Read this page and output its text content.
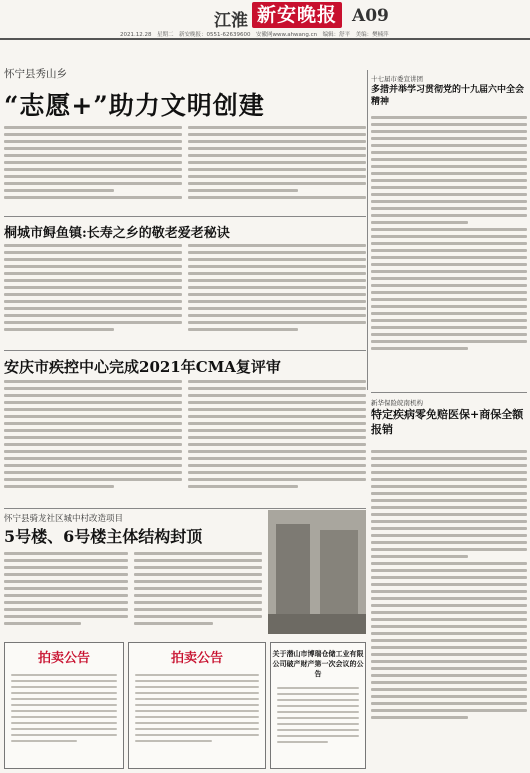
江淮 新安晚报 A09
2021.12.28　星期二　新安晚报：0551-62639600　安徽网www.ahwang.cn　编辑：舒平　美编：樊楠萍
怀宁县秀山乡
“志愿+”助力文明创建
十七届市委宣讲团
多措并举学习贯彻党的十九届六中全会精神
桐城市鲟鱼镇:长寿之乡的敬老爱老秘诀
安庆市疾控中心完成2021年CMA复评审
新华保险皖南机构
特定疾病零免赔医保+商保全额报销
怀宁县骑龙社区城中村改造项目
5号楼、6号楼主体结构封顶
拍卖公告	拍卖公告	关于潜山市博瑞仓储工业有限公司破产财产第一次会议的公告
